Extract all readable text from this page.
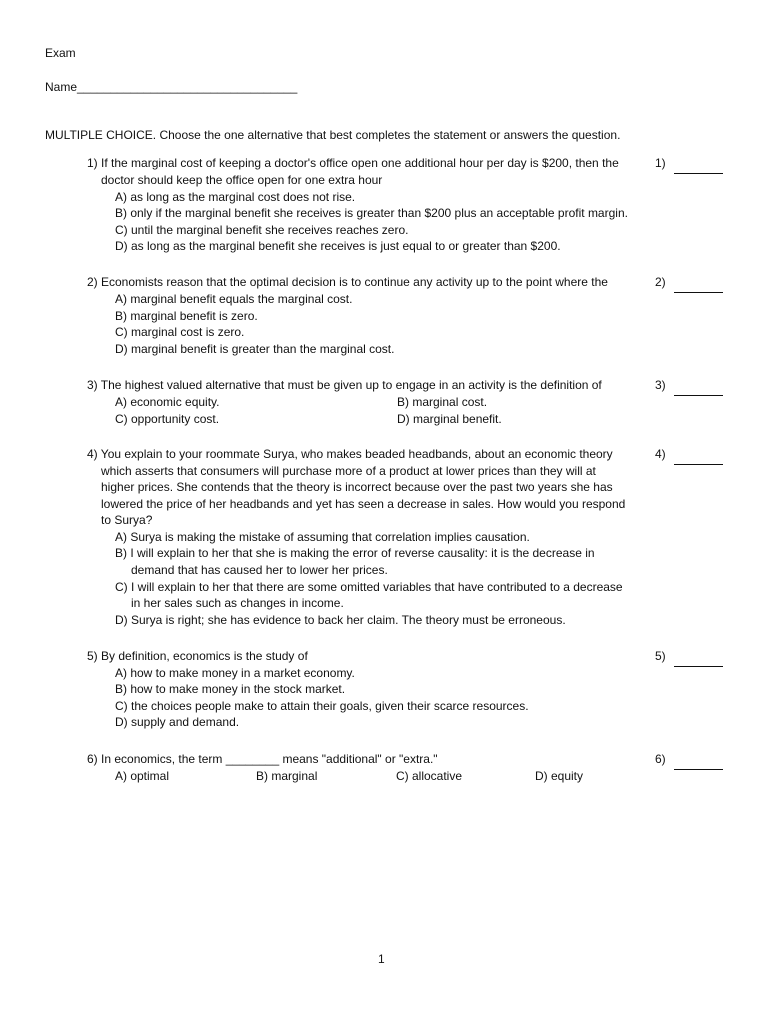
Exam
Name_________________________________
MULTIPLE CHOICE. Choose the one alternative that best completes the statement or answers the question.
1) If the marginal cost of keeping a doctor's office open one additional hour per day is $200, then the
doctor should keep the office open for one extra hour
A) as long as the marginal cost does not rise.
B) only if the marginal benefit she receives is greater than $200 plus an acceptable profit margin.
C) until the marginal benefit she receives reaches zero.
D) as long as the marginal benefit she receives is just equal to or greater than $200.
1)
2) Economists reason that the optimal decision is to continue any activity up to the point where the
A) marginal benefit equals the marginal cost.
B) marginal benefit is zero.
C) marginal cost is zero.
D) marginal benefit is greater than the marginal cost.
2)
3) The highest valued alternative that must be given up to engage in an activity is the definition of
A) economic equity.	B) marginal cost.
C) opportunity cost.	D) marginal benefit.
3)
4) You explain to your roommate Surya, who makes beaded headbands, about an economic theory
which asserts that consumers will purchase more of a product at lower prices than they will at
higher prices. She contends that the theory is incorrect because over the past two years she has
lowered the price of her headbands and yet has seen a decrease in sales. How would you respond
to Surya?
A) Surya is making the mistake of assuming that correlation implies causation.
B) I will explain to her that she is making the error of reverse causality: it is the decrease in
demand that has caused her to lower her prices.
C) I will explain to her that there are some omitted variables that have contributed to a decrease
in her sales such as changes in income.
D) Surya is right; she has evidence to back her claim. The theory must be erroneous.
4)
5) By definition, economics is the study of
A) how to make money in a market economy.
B) how to make money in the stock market.
C) the choices people make to attain their goals, given their scarce resources.
D) supply and demand.
5)
6) In economics, the term ________ means "additional" or "extra."
A) optimal	B) marginal	C) allocative	D) equity
6)
1
